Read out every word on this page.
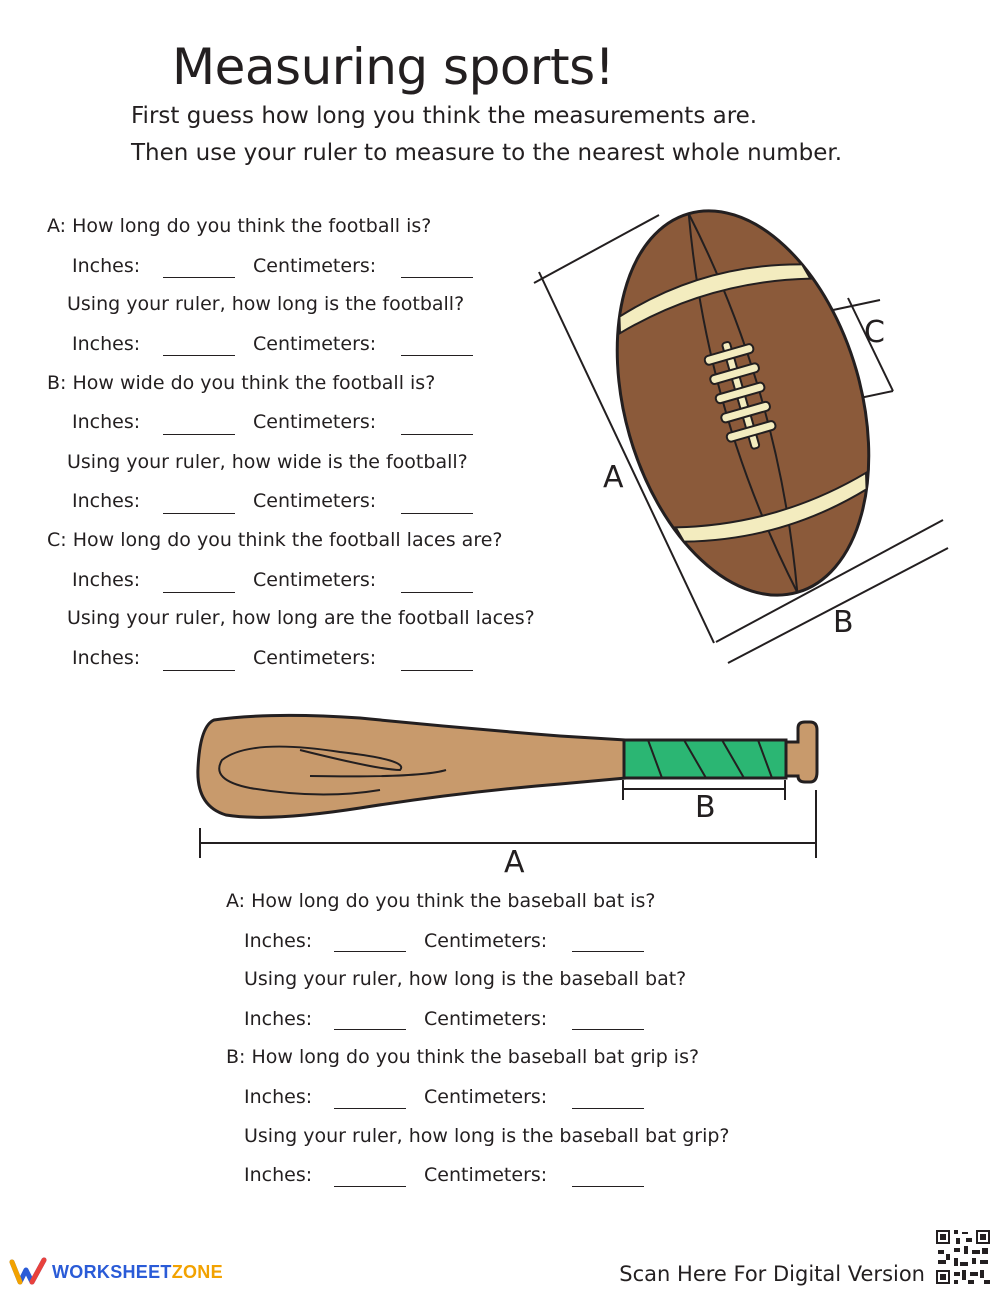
Measuring sports!
First guess how long you think the measurements are.
Then use your ruler to measure to the nearest whole number.
A: How long do you think the football is?
Inches:	Centimeters:
Using your ruler, how long is the football?
Inches:	Centimeters:
B: How wide do you think the football is?
Inches:	Centimeters:
Using your ruler, how wide is the football?
Inches:	Centimeters:
C: How long do you think the football laces are?
Inches:	Centimeters:
Using your ruler, how long are the football laces?
Inches:	Centimeters:
A
B
C
B
A
A: How long do you think the baseball bat is?
Inches:	Centimeters:
Using your ruler, how long is the baseball bat?
Inches:	Centimeters:
B: How long do you think the baseball bat grip is?
Inches:	Centimeters:
Using your ruler, how long is the baseball bat grip?
Inches:	Centimeters:
WORKSHEETZONE	Scan Here For Digital Version
